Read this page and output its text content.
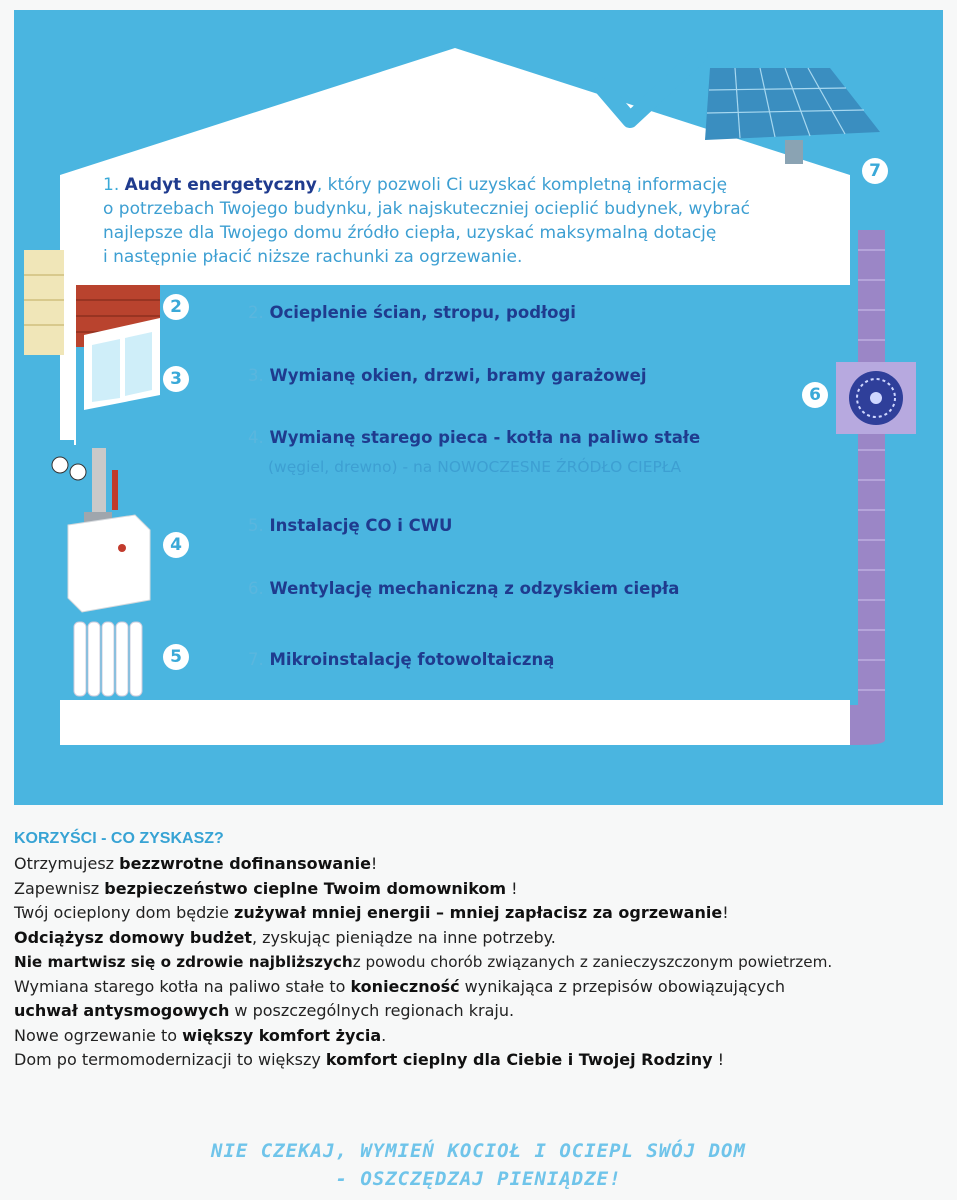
1. Audyt energetyczny, który pozwoli Ci uzyskać kompletną informację
o potrzebach Twojego budynku, jak najskuteczniej ocieplić budynek, wybrać
najlepsze dla Twojego domu źródło ciepła, uzyskać maksymalną dotację
i następnie płacić niższe rachunki za ogrzewanie.
2
3
4
5
6
7
2. Ocieplenie ścian, stropu, podłogi
3. Wymianę okien, drzwi, bramy garażowej
4. Wymianę starego pieca - kotła na paliwo stałe
(węgiel, drewno) - na NOWOCZESNE ŹRÓDŁO CIEPŁA
5. Instalację CO i CWU
6. Wentylację mechaniczną z odzyskiem ciepła
7. Mikroinstalację fotowoltaiczną
KORZYŚCI - CO ZYSKASZ?
Otrzymujesz bezzwrotne dofinansowanie!
Zapewnisz bezpieczeństwo cieplne Twoim domownikom !
Twój ocieplony dom będzie zużywał mniej energii – mniej zapłacisz za ogrzewanie!
Odciążysz domowy budżet, zyskując pieniądze na inne potrzeby.
Nie martwisz się o zdrowie najbliższychz powodu chorób związanych z zanieczyszczonym powietrzem.
Wymiana starego kotła na paliwo stałe to konieczność wynikająca z przepisów obowiązujących
uchwał antysmogowych w poszczególnych regionach kraju.
Nowe ogrzewanie to większy komfort życia.
Dom po termomodernizacji to większy komfort cieplny dla Ciebie i Twojej Rodziny !
NIE CZEKAJ, WYMIEŃ KOCIOŁ I OCIEPL SWÓJ DOM
- OSZCZĘDZAJ PIENIĄDZE!
